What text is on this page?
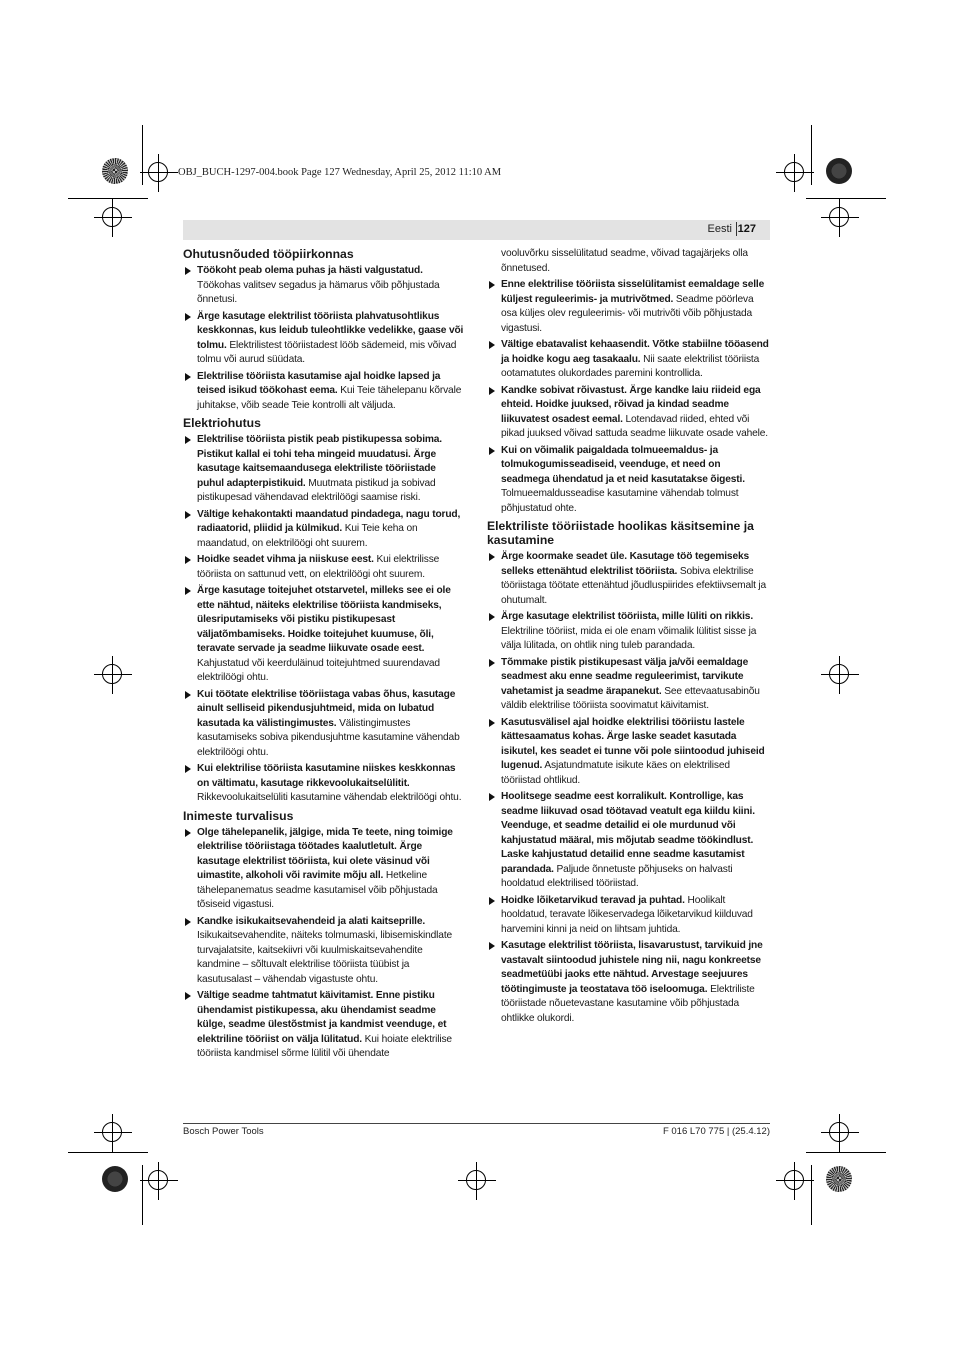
OBJ_BUCH-1297-004.book Page 127 Wednesday, April 25, 2012 11:10 AM
Eesti 127
Ohutusnõuded tööpiirkonnas
Töökoht peab olema puhas ja hästi valgustatud. Töökohas valitsev segadus ja hämarus võib põhjustada õnnetusi.
Ärge kasutage elektrilist tööriista plahvatusohtlikus keskkonnas, kus leidub tuleohtlikke vedelikke, gaase või tolmu. Elektrilistest tööriistadest lööb sädemeid, mis võivad tolmu või aurud süüdata.
Elektrilise tööriista kasutamise ajal hoidke lapsed ja teised isikud töökohast eema. Kui Teie tähelepanu kõrvale juhitakse, võib seade Teie kontrolli alt väljuda.
Elektriohutus
Elektrilise tööriista pistik peab pistikupessa sobima. Pistikut kallal ei tohi teha mingeid muudatusi. Ärge kasutage kaitsemaandusega elektriliste tööriistade puhul adapterpistikuid. Muutmata pistikud ja sobivad pistikupesad vähendavad elektrilöögi saamise riski.
Vältige kehakontakti maandatud pindadega, nagu torud, radiaatorid, pliidid ja külmikud. Kui Teie keha on maandatud, on elektrilöögi oht suurem.
Hoidke seadet vihma ja niiskuse eest. Kui elektrilisse tööriista on sattunud vett, on elektrilöögi oht suurem.
Ärge kasutage toitejuhet otstarvetel, milleks see ei ole ette nähtud, näiteks elektrilise tööriista kandmiseks, ülesriputamiseks või pistiku pistikupesast väljatõmbamiseks. Hoidke toitejuhet kuumuse, õli, teravate servade ja seadme liikuvate osade eest. Kahjustatud või keerduläinud toitejuhtmed suurendavad elektrilöögi ohtu.
Kui töötate elektrilise tööriistaga vabas õhus, kasutage ainult selliseid pikendusjuhtmeid, mida on lubatud kasutada ka välistingimustes. Välistingimustes kasutamiseks sobiva pikendusjuhtme kasutamine vähendab elektrilöögi ohtu.
Kui elektrilise tööriista kasutamine niiskes keskkonnas on vältimatu, kasutage rikkevoolukaitselülitit. Rikkevoolukaitselüliti kasutamine vähendab elektrilöögi ohtu.
Inimeste turvalisus
Olge tähelepanelik, jälgige, mida Te teete, ning toimige elektrilise tööriistaga töötades kaalutletult. Ärge kasutage elektrilist tööriista, kui olete väsinud või uimastite, alkoholi või ravimite mõju all. Hetkeline tähelepanematus seadme kasutamisel võib põhjustada tõsiseid vigastusi.
Kandke isikukaitsevahendeid ja alati kaitseprille. Isikukaitsevahendite, näiteks tolmumaski, libisemiskindlate turvajalatsite, kaitsekiivri või kuulmiskaitsevahendite kandmine – sõltuvalt elektrilise tööriista tüübist ja kasutusalast – vähendab vigastuste ohtu.
Vältige seadme tahtmatut käivitamist. Enne pistiku ühendamist pistikupessa, aku ühendamist seadme külge, seadme ülestõstmist ja kandmist veenduge, et elektriline tööriist on välja lülitatud. Kui hoiate elektrilise tööriista kandmisel sõrme lülitil või ühendate
vooluvõrku sisselülitatud seadme, võivad tagajärjeks olla õnnetused.
Enne elektrilise tööriista sisselülitamist eemaldage selle küljest reguleerimis- ja mutrivõtmed. Seadme pöörleva osa küljes olev reguleerimis- või mutrivõti võib põhjustada vigastusi.
Vältige ebatavalist kehaasendit. Võtke stabiilne tööasend ja hoidke kogu aeg tasakaalu. Nii saate elektrilist tööriista ootamatutes olukordades paremini kontrollida.
Kandke sobivat rõivastust. Ärge kandke laiu riideid ega ehteid. Hoidke juuksed, rõivad ja kindad seadme liikuvatest osadest eemal. Lotendavad riided, ehted või pikad juuksed võivad sattuda seadme liikuvate osade vahele.
Kui on võimalik paigaldada tolmueemaldus- ja tolmukogumisseadiseid, veenduge, et need on seadmega ühendatud ja et neid kasutatakse õigesti. Tolmueemaldusseadise kasutamine vähendab tolmust põhjustatud ohte.
Elektriliste tööriistade hoolikas käsitsemine ja kasutamine
Ärge koormake seadet üle. Kasutage töö tegemiseks selleks ettenähtud elektrilist tööriista. Sobiva elektrilise tööriistaga töötate ettenähtud jõudluspiirides efektiivsemalt ja ohutumalt.
Ärge kasutage elektrilist tööriista, mille lüliti on rikkis. Elektriline tööriist, mida ei ole enam võimalik lülitist sisse ja välja lülitada, on ohtlik ning tuleb parandada.
Tõmmake pistik pistikupesast välja ja/või eemaldage seadmest aku enne seadme reguleerimist, tarvikute vahetamist ja seadme ärapanekut. See ettevaatusabinõu väldib elektrilise tööriista soovimatut käivitamist.
Kasutusvälisel ajal hoidke elektrilisi tööriistu lastele kättesaamatus kohas. Ärge laske seadet kasutada isikutel, kes seadet ei tunne või pole siintoodud juhiseid lugenud. Asjatundmatute isikute käes on elektrilised tööriistad ohtlikud.
Hoolitsege seadme eest korralikult. Kontrollige, kas seadme liikuvad osad töötavad veatult ega kiildu kiini. Veenduge, et seadme detailid ei ole murdunud või kahjustatud määral, mis mõjutab seadme töökindlust. Laske kahjustatud detailid enne seadme kasutamist parandada. Paljude õnnetuste põhjuseks on halvasti hooldatud elektrilised tööriistad.
Hoidke lõiketarvikud teravad ja puhtad. Hoolikalt hooldatud, teravate lõikeservadega lõiketarvikud kiilduvad harvemini kinni ja neid on lihtsam juhtida.
Kasutage elektrilist tööriista, lisavarustust, tarvikuid jne vastavalt siintoodud juhistele ning nii, nagu konkreetse seadmetüübi jaoks ette nähtud. Arvestage seejuures töötingimuste ja teostatava töö iseloomuga. Elektriliste tööriistade nõuetevastane kasutamine võib põhjustada ohtlikke olukordi.
Bosch Power Tools	F 016 L70 775 | (25.4.12)
